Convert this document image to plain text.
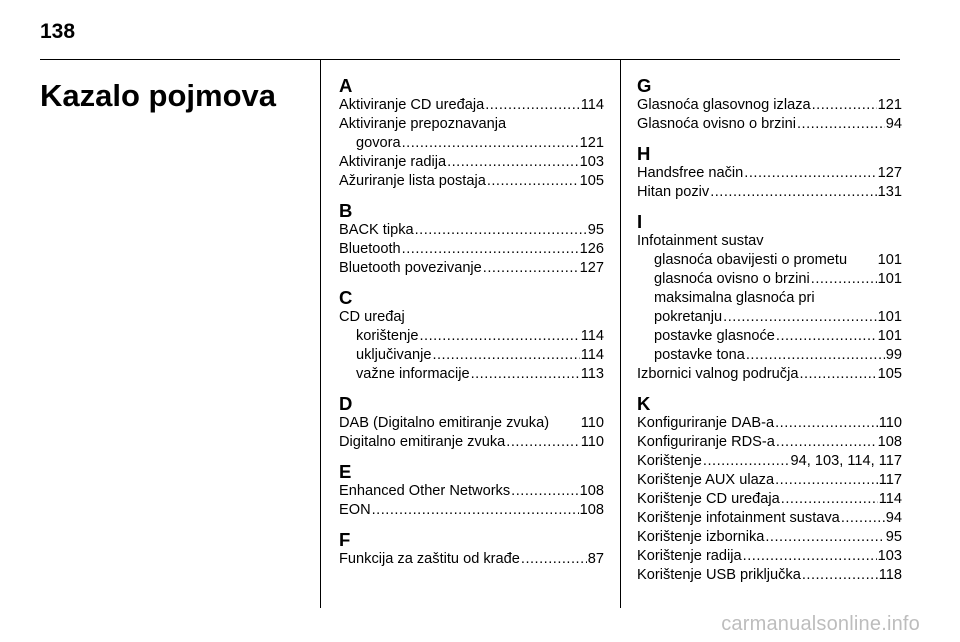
138
Kazalo pojmova	A
Aktiviranje CD uređaja .....	114
Aktiviranje prepoznavanja
govora .....	121
Aktiviranje radija .....	103
Ažuriranje lista postaja .....	105
B
BACK tipka .....	95
Bluetooth .....	126
Bluetooth povezivanje .....	127
C
CD uređaj
korištenje .....	114
uključivanje .....	114
važne informacije .....	113
D
DAB (Digitalno emitiranje zvuka) 110
Digitalno emitiranje zvuka .....	110
E
Enhanced Other Networks .....	108
EON .....	108
F
Funkcija za zaštitu od krađe .....	87
G
Glasnoća glasovnog izlaza .....	121
Glasnoća ovisno o brzini .....	94
H
Handsfree način .....	127
Hitan poziv .....	131
I
Infotainment sustav
glasnoća obavijesti o prometu 101
glasnoća ovisno o brzini .....	101
maksimalna glasnoća pri
pokretanju .....	101
postavke glasnoće .....	101
postavke tona .....	99
Izbornici valnog područja .....	105
K
Konfiguriranje DAB-a .....	110
Konfiguriranje RDS-a .....	108
Korištenje .....	94, 103, 114, 117
Korištenje AUX ulaza .....	117
Korištenje CD uređaja .....	114
Korištenje infotainment sustava .....	94
Korištenje izbornika .....	95
Korištenje radija .....	103
Korištenje USB priključka .....	118
carmanualsonline.info
